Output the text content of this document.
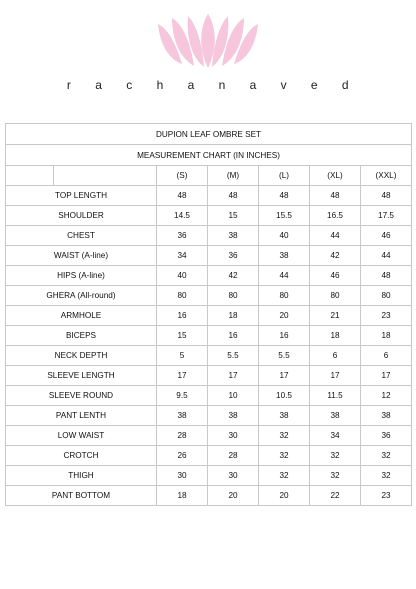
r a c h a n a v e d
DUPION LEAF OMBRE SET						
MEASUREMENT CHART (IN INCHES)						
		(S)	(M)	(L)	(XL)	(XXL)
TOP LENGTH		48	48	48	48	48
SHOULDER		14.5	15	15.5	16.5	17.5
CHEST		36	38	40	44	46
WAIST (A-line)		34	36	38	42	44
HIPS (A-line)		40	42	44	46	48
GHERA (All-round)		80	80	80	80	80
ARMHOLE		16	18	20	21	23
BICEPS		15	16	16	18	18
NECK DEPTH		5	5.5	5.5	6	6
SLEEVE LENGTH		17	17	17	17	17
SLEEVE ROUND		9.5	10	10.5	11.5	12
PANT LENTH		38	38	38	38	38
LOW WAIST		28	30	32	34	36
CROTCH		26	28	32	32	32
THIGH		30	30	32	32	32
PANT BOTTOM		18	20	20	22	23
